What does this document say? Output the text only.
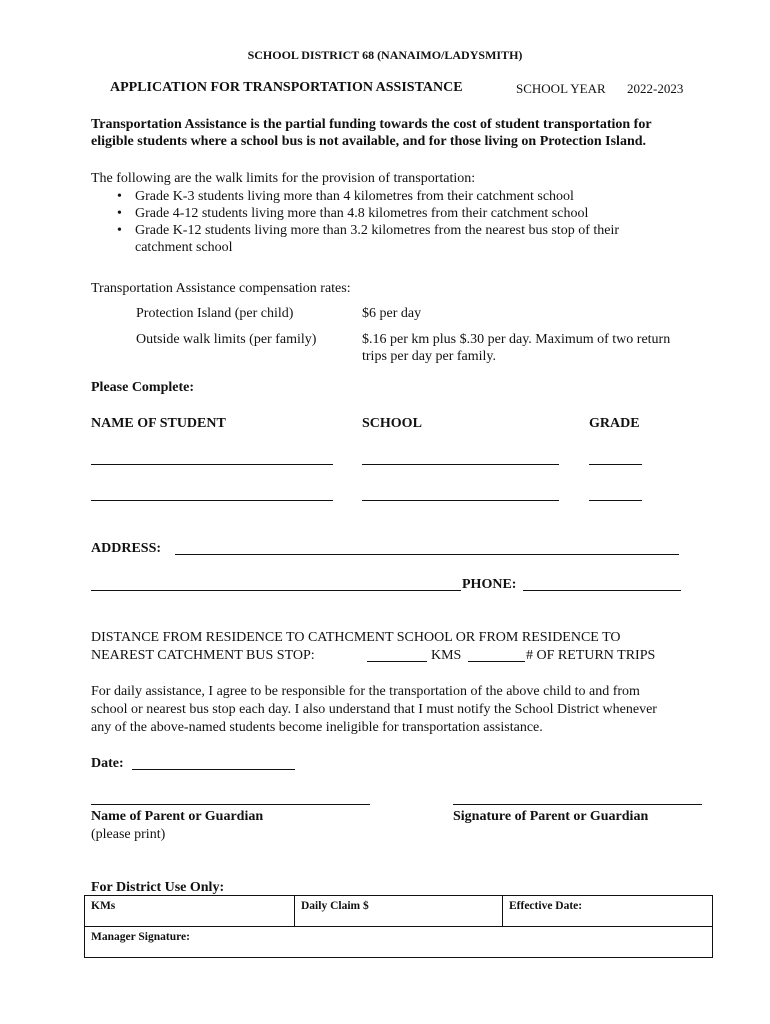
SCHOOL DISTRICT 68 (NANAIMO/LADYSMITH)
APPLICATION FOR TRANSPORTATION ASSISTANCE	SCHOOL YEAR 2022-2023
Transportation Assistance is the partial funding towards the cost of student transportation for
eligible students where a school bus is not available, and for those living on Protection Island.
The following are the walk limits for the provision of transportation:
• Grade K-3 students living more than 4 kilometres from their catchment school
• Grade 4-12 students living more than 4.8 kilometres from their catchment school
• Grade K-12 students living more than 3.2 kilometres from the nearest bus stop of their
catchment school
Transportation Assistance compensation rates:
Protection Island (per child)	$6 per day
Outside walk limits (per family)	$.16 per km plus $.30 per day. Maximum of two return
trips per day per family.
Please Complete:
NAME OF STUDENT	SCHOOL	GRADE
ADDRESS:
PHONE:
DISTANCE FROM RESIDENCE TO CATHCMENT SCHOOL OR FROM RESIDENCE TO
NEAREST CATCHMENT BUS STOP:	KMS	# OF RETURN TRIPS
For daily assistance, I agree to be responsible for the transportation of the above child to and from
school or nearest bus stop each day. I also understand that I must notify the School District whenever
any of the above-named students become ineligible for transportation assistance.
Date:
Name of Parent or Guardian
(please print)
Signature of Parent or Guardian
For District Use Only:
KMs	Daily Claim $	Effective Date:
Manager Signature:
